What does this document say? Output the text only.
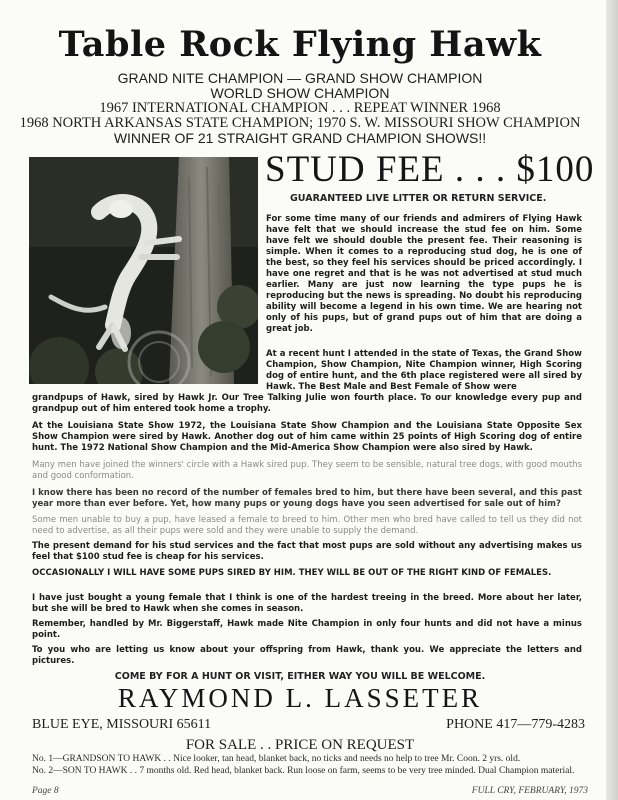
Table Rock Flying Hawk
GRAND NITE CHAMPION — GRAND SHOW CHAMPION
WORLD SHOW CHAMPION
1967 INTERNATIONAL CHAMPION . . . REPEAT WINNER 1968
1968 NORTH ARKANSAS STATE CHAMPION; 1970 S. W. MISSOURI SHOW CHAMPION
WINNER OF 21 STRAIGHT GRAND CHAMPION SHOWS!!
STUD FEE . . . $100
GUARANTEED LIVE LITTER OR RETURN SERVICE.

For some time many of our friends and admirers of Flying Hawk have felt that we should increase the stud fee on him. Some have felt we should double the present fee. Their reasoning is simple. When it comes to a reproducing stud dog, he is one of the best, so they feel his services should be priced accordingly. I have one regret and that is he was not advertised at stud much earlier. Many are just now learning the type pups he is reproducing but the news is spreading. No doubt his reproducing ability will become a legend in his own time. We are hearing not only of his pups, but of grand pups out of him that are doing a great job.

At a recent hunt I attended in the state of Texas, the Grand Show Champion, Show Champion, Nite Champion winner, High Scoring dog of entire hunt, and the 6th place registered were all sired by Hawk. The Best Male and Best Female of Show were

grandpups of Hawk, sired by Hawk Jr. Our Tree Talking Julie won fourth place. To our knowledge every pup and grandpup out of him entered took home a trophy.

At the Louisiana State Show 1972, the Louisiana State Show Champion and the Louisiana State Opposite Sex Show Champion were sired by Hawk. Another dog out of him came within 25 points of High Scoring dog of entire hunt. The 1972 National Show Champion and the Mid-America Show Champion were also sired by Hawk.

Many men have joined the winners' circle with a Hawk sired pup. They seem to be sensible, natural tree dogs, with good mouths and good conformation.

I know there has been no record of the number of females bred to him, but there have been several, and this past year more than ever before. Yet, how many pups or young dogs have you seen advertised for sale out of him?

Some men unable to buy a pup, have leased a female to breed to him. Other men who bred have called to tell us they did not need to advertise, as all their pups were sold and they were unable to supply the demand.

The present demand for his stud services and the fact that most pups are sold without any advertising makes us feel that $100 stud fee is cheap for his services.

OCCASIONALLY I WILL HAVE SOME PUPS SIRED BY HIM. THEY WILL BE OUT OF THE RIGHT KIND OF FEMALES.

I have just bought a young female that I think is one of the hardest treeing in the breed. More about her later, but she will be bred to Hawk when she comes in season.

Remember, handled by Mr. Biggerstaff, Hawk made Nite Champion in only four hunts and did not have a minus point.

To you who are letting us know about your offspring from Hawk, thank you. We appreciate the letters and pictures.

COME BY FOR A HUNT OR VISIT, EITHER WAY YOU WILL BE WELCOME.
RAYMOND L. LASSETER
BLUE EYE, MISSOURI 65611	PHONE 417—779-4283
FOR SALE . . PRICE ON REQUEST
No. 1—GRANDSON TO HAWK . . Nice looker, tan head, blanket back, no ticks and needs no help to tree Mr. Coon. 2 yrs. old.
No. 2—SON TO HAWK . . 7 months old. Red head, blanket back. Run loose on farm, seems to be very tree minded. Dual Champion material.
Page 8	FULL CRY, FEBRUARY, 1973
